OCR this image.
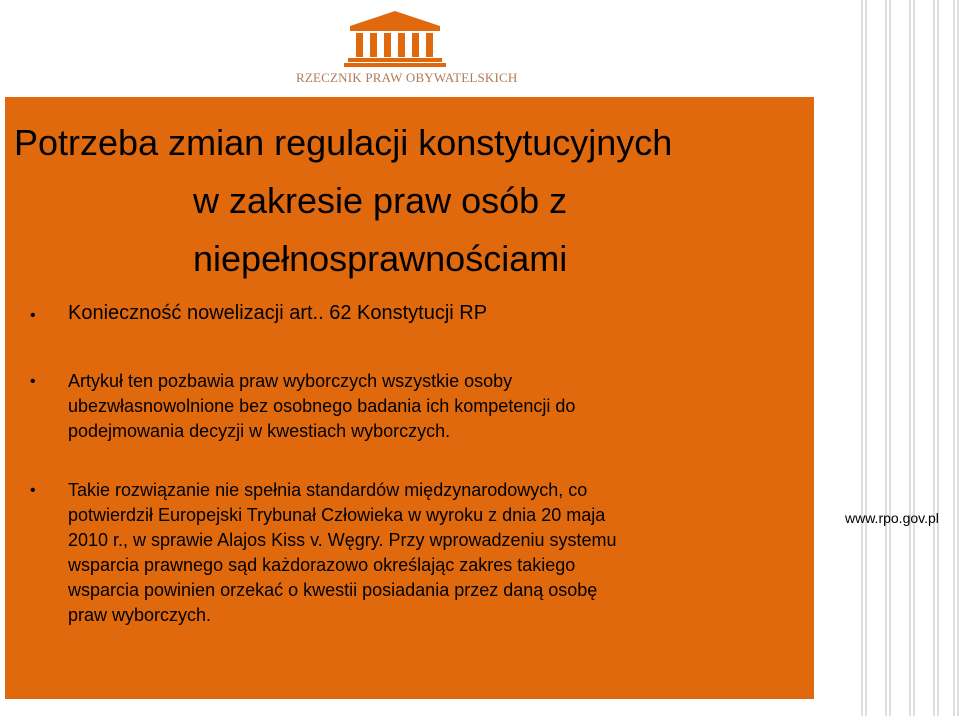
RZECZNIK PRAW OBYWATELSKICH
Potrzeba zmian regulacji konstytucyjnych
w zakresie praw osób z
niepełnosprawnościami
• Konieczność nowelizacji art.. 62 Konstytucji RP
• Artykuł ten pozbawia praw wyborczych wszystkie osoby
ubezwłasnowolnione bez osobnego badania ich kompetencji do
podejmowania decyzji w kwestiach wyborczych.
• Takie rozwiązanie nie spełnia standardów międzynarodowych, co
potwierdził Europejski Trybunał Człowieka w wyroku z dnia 20 maja
2010 r., w sprawie Alajos Kiss v. Węgry. Przy wprowadzeniu systemu
wsparcia prawnego sąd każdorazowo określając zakres takiego
wsparcia powinien orzekać o kwestii posiadania przez daną osobę
praw wyborczych.
www.rpo.gov.pl
